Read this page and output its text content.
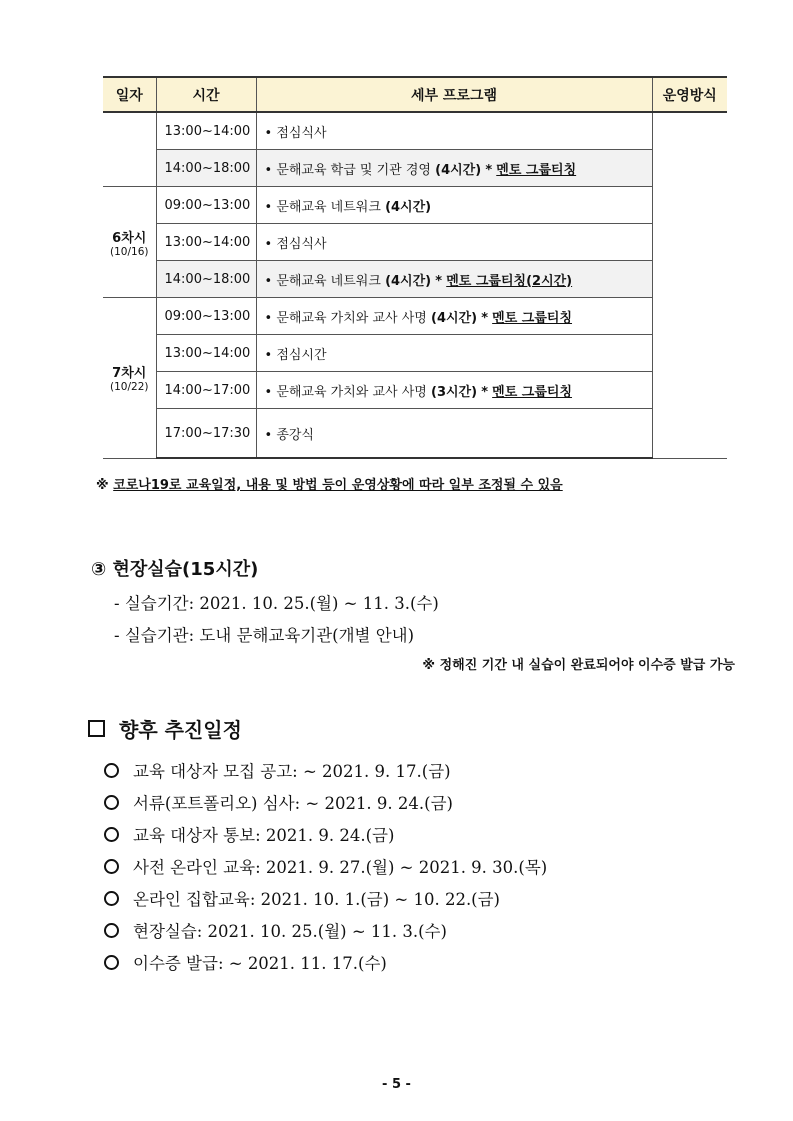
일자	시간	세부 프로그램	운영방식
	13:00~14:00	• 점심식사	
	14:00~18:00	• 문해교육 학급 및 기관 경영 (4시간) * 멘토 그룹티칭	

6차시
(10/16)	09:00~13:00	• 문해교육 네트워크 (4시간)	
	13:00~14:00	• 점심식사	
	14:00~18:00	• 문해교육 네트워크 (4시간) * 멘토 그룹티칭(2시간)	

7차시
(10/22)	09:00~13:00	• 문해교육 가치와 교사 사명 (4시간) * 멘토 그룹티칭	
	13:00~14:00	• 점심시간	
	14:00~17:00	• 문해교육 가치와 교사 사명 (3시간) * 멘토 그룹티칭	
	17:00~17:30	• 종강식	
※ 코로나19로 교육일정, 내용 및 방법 등이 운영상황에 따라 일부 조정될 수 있음
③ 현장실습(15시간)
- 실습기간: 2021. 10. 25.(월) ~ 11. 3.(수)
- 실습기관: 도내 문해교육기관(개별 안내)
※ 정해진 기간 내 실습이 완료되어야 이수증 발급 가능
향후 추진일정
교육 대상자 모집 공고: ~ 2021. 9. 17.(금)
서류(포트폴리오) 심사: ~ 2021. 9. 24.(금)
교육 대상자 통보: 2021. 9. 24.(금)
사전 온라인 교육: 2021. 9. 27.(월) ~ 2021. 9. 30.(목)
온라인 집합교육: 2021. 10. 1.(금) ~ 10. 22.(금)
현장실습: 2021. 10. 25.(월) ~ 11. 3.(수)
이수증 발급: ~ 2021. 11. 17.(수)
- 5 -
